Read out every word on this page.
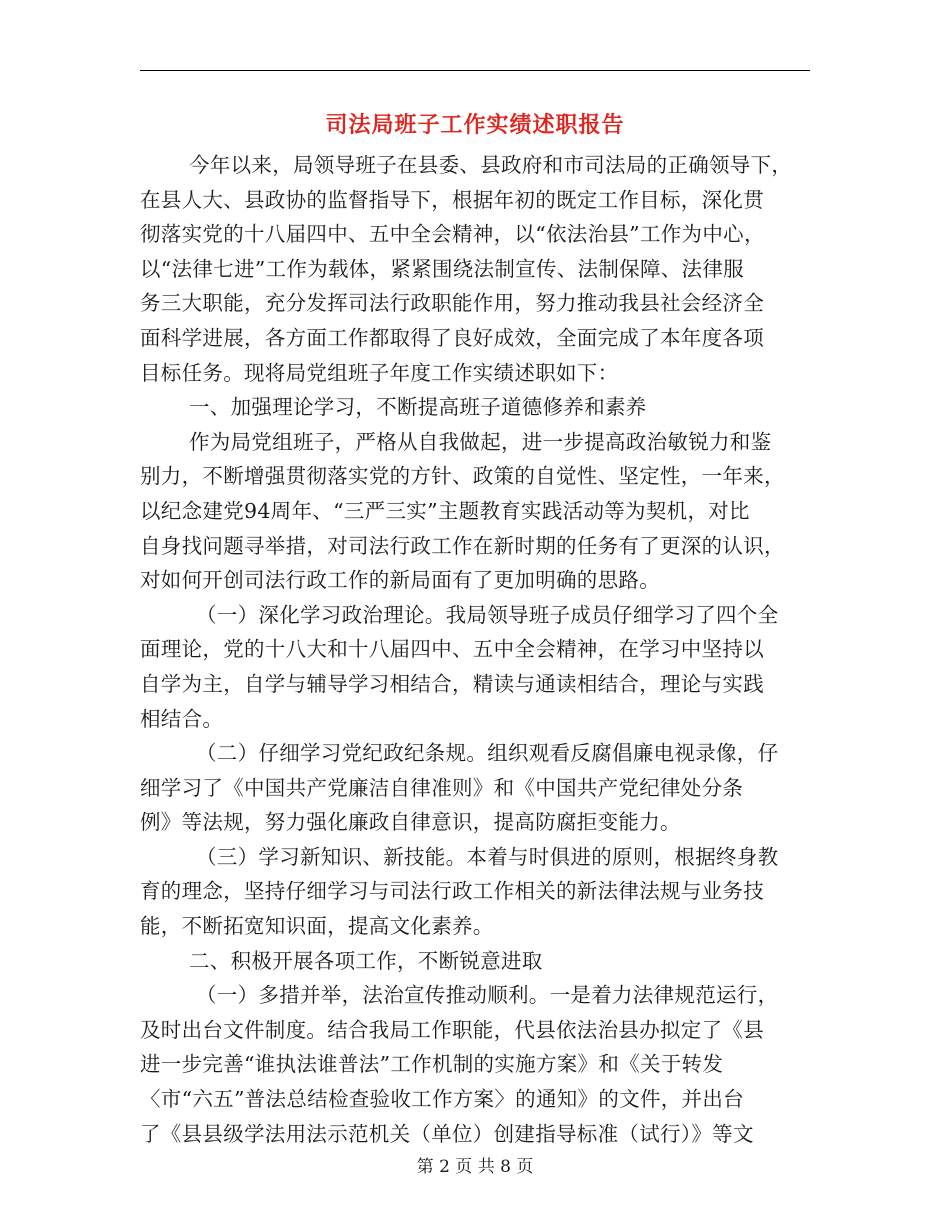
司法局班子工作实绩述职报告
今年以来，局领导班子在县委、县政府和市司法局的正确领导下，
在县人大、县政协的监督指导下，根据年初的既定工作目标，深化贯
彻落实党的十八届四中、五中全会精神，以“依法治县”工作为中心，
以“法律七进”工作为载体，紧紧围绕法制宣传、法制保障、法律服
务三大职能，充分发挥司法行政职能作用，努力推动我县社会经济全
面科学进展，各方面工作都取得了良好成效，全面完成了本年度各项
目标任务。现将局党组班子年度工作实绩述职如下：
一、加强理论学习，不断提高班子道德修养和素养
作为局党组班子，严格从自我做起，进一步提高政治敏锐力和鉴
别力，不断增强贯彻落实党的方针、政策的自觉性、坚定性，一年来，
以纪念建党94周年、“三严三实”主题教育实践活动等为契机，对比
自身找问题寻举措，对司法行政工作在新时期的任务有了更深的认识，
对如何开创司法行政工作的新局面有了更加明确的思路。
（一）深化学习政治理论。我局领导班子成员仔细学习了四个全
面理论，党的十八大和十八届四中、五中全会精神，在学习中坚持以
自学为主，自学与辅导学习相结合，精读与通读相结合，理论与实践
相结合。
（二）仔细学习党纪政纪条规。组织观看反腐倡廉电视录像，仔
细学习了《中国共产党廉洁自律准则》和《中国共产党纪律处分条
例》等法规，努力强化廉政自律意识，提高防腐拒变能力。
（三）学习新知识、新技能。本着与时俱进的原则，根据终身教
育的理念，坚持仔细学习与司法行政工作相关的新法律法规与业务技
能，不断拓宽知识面，提高文化素养。
二、积极开展各项工作，不断锐意进取
（一）多措并举，法治宣传推动顺利。一是着力法律规范运行，
及时出台文件制度。结合我局工作职能，代县依法治县办拟定了《县
进一步完善“谁执法谁普法”工作机制的实施方案》和《关于转发
〈市“六五”普法总结检查验收工作方案〉的通知》的文件，并出台
了《县县级学法用法示范机关（单位）创建指导标准（试行）》等文
第 2 页 共 8 页
